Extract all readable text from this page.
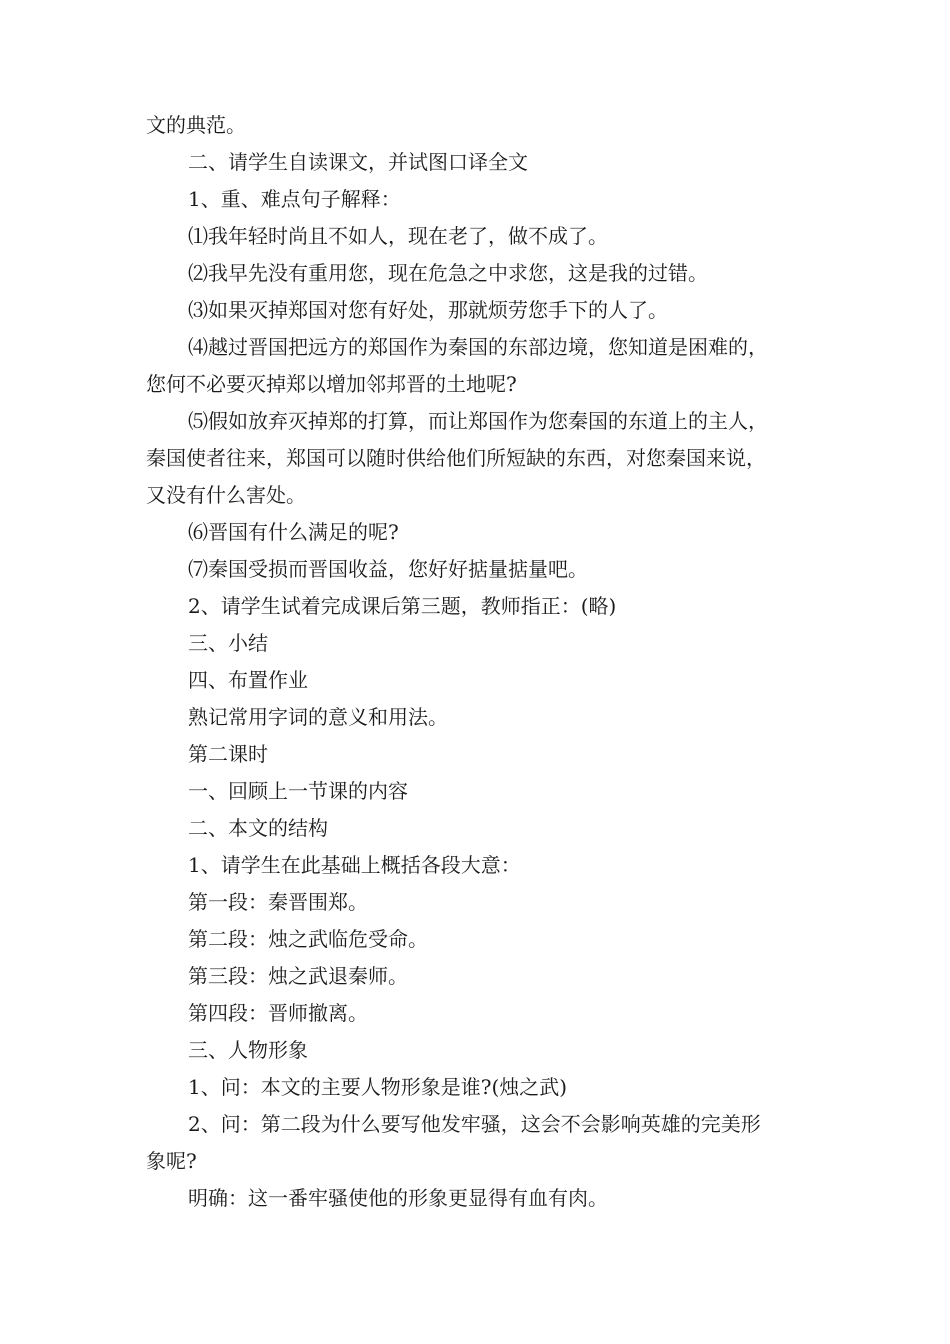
文的典范。
二、请学生自读课文，并试图口译全文
1、重、难点句子解释：
⑴我年轻时尚且不如人，现在老了，做不成了。
⑵我早先没有重用您，现在危急之中求您，这是我的过错。
⑶如果灭掉郑国对您有好处，那就烦劳您手下的人了。
⑷越过晋国把远方的郑国作为秦国的东部边境，您知道是困难的，
您何不必要灭掉郑以增加邻邦晋的土地呢?
⑸假如放弃灭掉郑的打算，而让郑国作为您秦国的东道上的主人，
秦国使者往来，郑国可以随时供给他们所短缺的东西，对您秦国来说，
又没有什么害处。
⑹晋国有什么满足的呢?
⑺秦国受损而晋国收益，您好好掂量掂量吧。
2、请学生试着完成课后第三题，教师指正：(略)
三、小结
四、布置作业
熟记常用字词的意义和用法。
第二课时
一、回顾上一节课的内容
二、本文的结构
1、请学生在此基础上概括各段大意：
第一段：秦晋围郑。
第二段：烛之武临危受命。
第三段：烛之武退秦师。
第四段：晋师撤离。
三、人物形象
1、问：本文的主要人物形象是谁?(烛之武)
2、问：第二段为什么要写他发牢骚，这会不会影响英雄的完美形
象呢?
明确：这一番牢骚使他的形象更显得有血有肉。
